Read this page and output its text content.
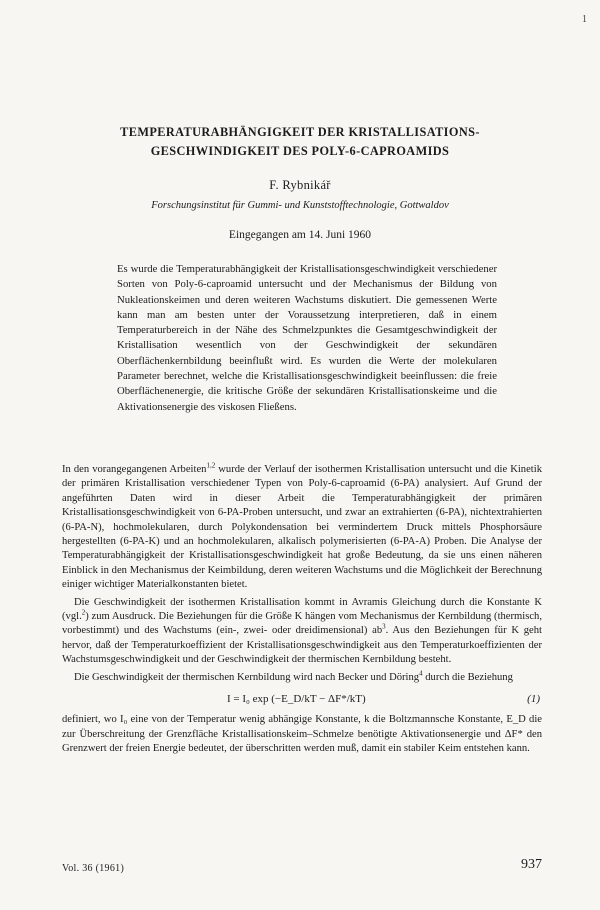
1
TEMPERATURABHÄNGIGKEIT DER KRISTALLISATIONS-
GESCHWINDIGKEIT DES POLY-6-CAPROAMIDS
F. Rybnikář
Forschungsinstitut für Gummi- und Kunststofftechnologie, Gottwaldov
Eingegangen am 14. Juni 1960

Es wurde die Temperaturabhängigkeit der Kristallisationsgeschwindigkeit verschiedener Sorten von Poly-6-caproamid untersucht und der Mechanismus der Bildung von Nukleationskeimen und deren weiteren Wachstums diskutiert. Die gemessenen Werte kann man am besten unter der Voraussetzung interpretieren, daß in einem Temperaturbereich in der Nähe des Schmelzpunktes die Gesamtgeschwindigkeit der Kristallisation wesentlich von der Geschwindigkeit der sekundären Oberflächenkernbildung beeinflußt wird. Es wurden die Werte der molekularen Parameter berechnet, welche die Kristallisationsgeschwindigkeit beeinflussen: die freie Oberflächenenergie, die kritische Größe der sekundären Kristallisationskeime und die Aktivationsenergie des viskosen Fließens.

In den vorangegangenen Arbeiten$^{1,2}$ wurde der Verlauf der isothermen Kristallisation untersucht und die Kinetik der primären Kristallisation verschiedener Typen von Poly-6-caproamid (6-PA) analysiert. Auf Grund der angeführten Daten wird in dieser Arbeit die Temperaturabhängigkeit der primären Kristallisationsgeschwindigkeit von 6-PA-Proben untersucht, und zwar an extrahierten (6-PA), nichtextrahierten (6-PA-N), hochmolekularen, durch Polykondensation bei vermindertem Druck mittels Phosphorsäure hergestellten (6-PA-K) und an hochmolekularen, alkalisch polymerisierten (6-PA-A) Proben. Die Analyse der Temperaturabhängigkeit der Kristallisationsgeschwindigkeit hat große Bedeutung, da sie uns einen näheren Einblick in den Mechanismus der Keimbildung, deren weiteren Wachstums und die Möglichkeit der Berechnung einiger wichtiger Materialkonstanten bietet.

Die Geschwindigkeit der isothermen Kristallisation kommt in Avramis Gleichung durch die Konstante K (vgl.$^2$) zum Ausdruck. Die Beziehungen für die Größe K hängen vom Mechanismus der Kernbildung (thermisch, vorbestimmt) und des Wachstums (ein-, zwei- oder dreidimensional) $ab^3$. Aus den Beziehungen für K geht hervor, daß der Temperaturkoeffizient der Kristallisationsgeschwindigkeit aus den Temperaturkoeffizienten der Wachstumsgeschwindigkeit und der Geschwindigkeit der thermischen Kernbildung besteht.

Die Geschwindigkeit der thermischen Kernbildung wird nach Becker und Döring$^4$ durch die Beziehung

I = I₀ exp (−E_D/kT − ΔF*/kT)	(1)

definiert, wo I₀ eine von der Temperatur wenig abhängige Konstante, k die Boltzmannsche Konstante, E_D die zur Überschreitung der Grenzfläche Kristallisationskeim–Schmelze benötigte Aktivationsenergie und ΔF* den Grenzwert der freien Energie bedeutet, der überschritten werden muß, damit ein stabiler Keim entstehen kann.

Vol. 36 (1961)	937
